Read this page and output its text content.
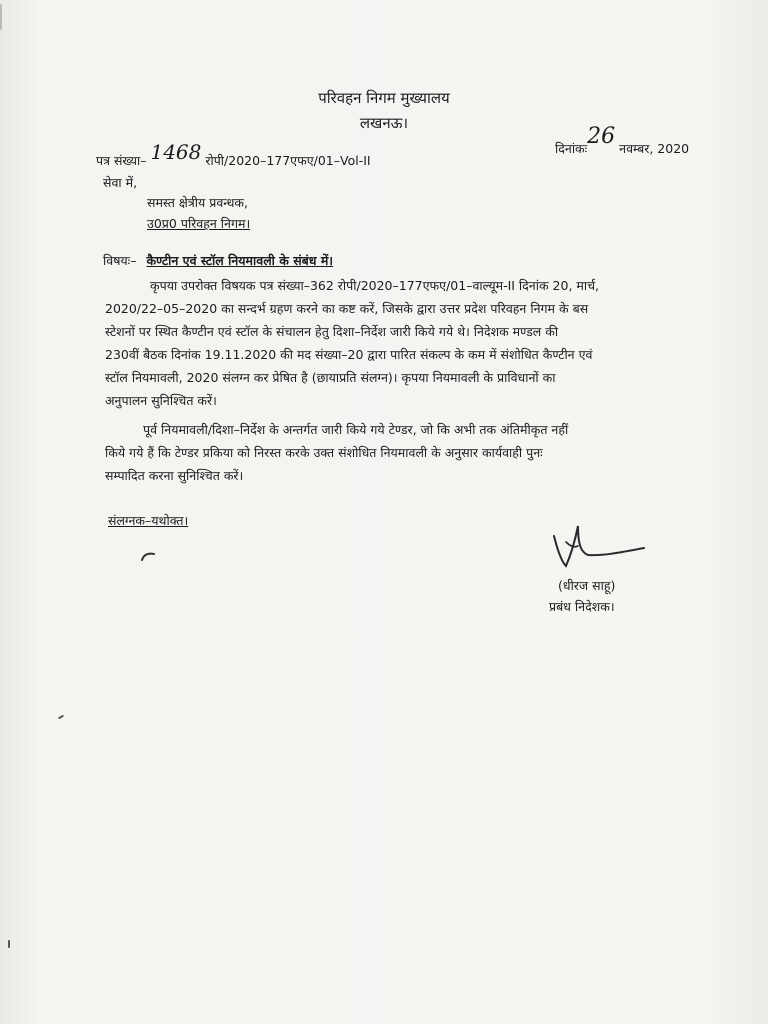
परिवहन निगम मुख्यालय
लखनऊ।
पत्र संख्या– 1468 रोपी/2020–177एफए/01–Vol-II
दिनांकः 26 नवम्बर, 2020
सेवा में,
समस्त क्षेत्रीय प्रवन्धक,
उ0प्र0 परिवहन निगम।
विषयः– कैण्टीन एवं स्टॉल नियमावली के संबंध में।
कृपया उपरोक्त विषयक पत्र संख्या–362 रोपी/2020–177एफए/01–वाल्यूम-II दिनांक 20, मार्च,
2020/22–05–2020 का सन्दर्भ ग्रहण करने का कष्ट करें, जिसके द्वारा उत्तर प्रदेश परिवहन निगम के बस
स्टेशनों पर स्थित कैण्टीन एवं स्टॉल के संचालन हेतु दिशा–निर्देश जारी किये गये थे। निदेशक मण्डल की
230वीं बैठक दिनांक 19.11.2020 की मद संख्या–20 द्वारा पारित संकल्प के कम में संशोधित कैण्टीन एवं
स्टॉल नियमावली, 2020 संलग्न कर प्रेषित है (छायाप्रति संलग्न)। कृपया नियमावली के प्राविधानों का
अनुपालन सुनिश्चित करें।
पूर्व नियमावली/दिशा–निर्देश के अन्तर्गत जारी किये गये टेण्डर, जो कि अभी तक अंतिमीकृत नहीं
किये गये हैं कि टेण्डर प्रकिया को निरस्त करके उक्त संशोधित नियमावली के अनुसार कार्यवाही पुनः
सम्पादित करना सुनिश्चित करें।
संलग्नक–यथोक्त।
(धीरज साहू)
प्रबंध निदेशक।
